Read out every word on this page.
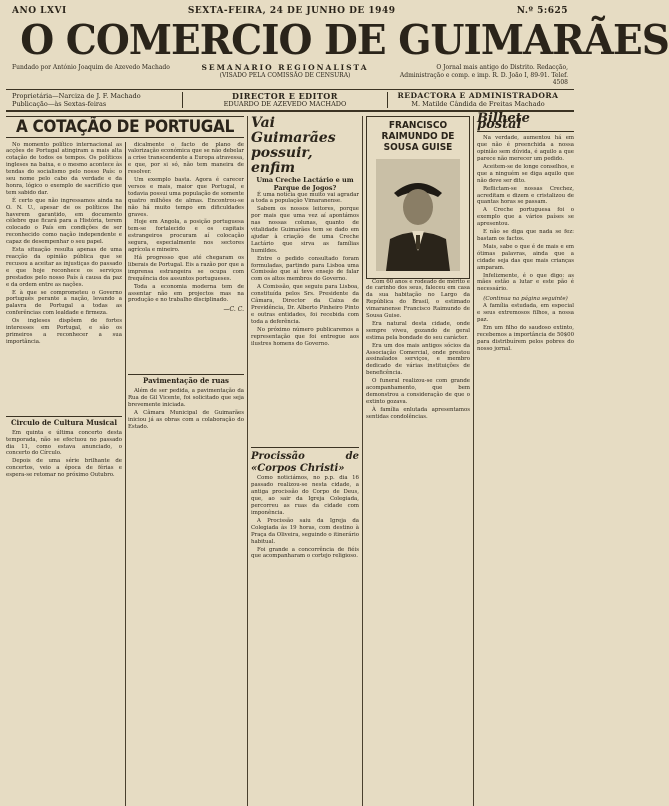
ANO LXVI	SEXTA-FEIRA, 24 DE JUNHO DE 1949	N.º 5:625
O COMERCIO DE GUIMARÃES
Fundado por António Joaquim de Azevedo Machado	SEMANARIO REGIONALISTA
(VISADO PELA COMISSÃO DE CENSURA)
O Jornal mais antigo do Distrito. Redacção, Administração e comp. e imp. R. D. João I, 89-91. Telef. 4508
Proprietária—Narciza de J. F. Machado
Publicação—às Sextas-feiras
DIRECTOR E EDITOR
EDUARDO DE AZEVEDO MACHADO
REDACTORA E ADMINISTRADORA
M. Matilde Cândida de Freitas Machado
A COTAÇÃO DE PORTUGAL

No momento político internacional as acções de Portugal atingiram a mais alta cotação de todos os tempos. Os políticos ingleses na baixa, e o mesmo acontece às tendas do socialismo pelo nosso País: o seu nome pelo cabo da verdade e da honra, lógico o exemplo de sacrifício que tem sabido dar.

É certo que não ingressamos ainda na O. N. U., apesar de os políticos lhe haverem garantido, em documento célebre que ficará para a História, terem colocado o País em condições de ser reconhecido como nação independente e capaz de desempenhar o seu papel.

Esta situação resulta apenas de uma reacção da opinião pública que se recusou a aceitar as injustiças do passado e que hoje reconhece os serviços prestados pelo nosso País à causa da paz e da ordem entre as nações.

E à que se comprometeu o Governo português perante a nação, levando a palavra de Portugal a todas as conferências com lealdade e firmeza.

Os ingleses dispõem de fortes interesses em Portugal, e são os primeiros a reconhecer a sua importância.

Circulo de Cultura Musical

Em quinta e última concerto desta temporada, não se efectuou no passado dia 11, como estava anunciado, o concerto do Círculo.

Depois de uma série brilhante de concertos, veio a época de férias e espera-se retomar no próximo Outubro.

dicalmente o facto de plano de valorização económica que se não debelar a crise transcendente a Europa atravessa, e que, por si só, não tem maneira de resolver.

Um exemplo basta. Agora é carecer versos e mais, maior que Portugal, e todavia possui uma população de somente quatro milhões de almas. Encontrou-se não há muito tempo em dificuldades graves.

Hoje em Angola, a posição portuguesa tem-se fortalecido e os capitais estrangeiros procuram aí colocação segura, especialmente nos sectores agrícola e mineiro.

Há progresso que até chegaram os liberais de Portugal. Eis a razão por que a imprensa estrangeira se ocupa com frequência dos assuntos portugueses.

Toda a economia moderna tem de assentar não em projectos mas na produção e no trabalho disciplinado.

—C. C.
Pavimentação de ruas

Além de ser pedida, a pavimentação da Rua de Gil Vicente, foi solicitado que seja brevemente iniciada.

A Câmara Municipal de Guimarães iniciou já as obras com a colaboração do Estado.

Vai Guimarães possuir, enfim
Uma Creche Lactário e um Parque de Jogos?

É uma notícia que muito vai agradar a toda a população Vimaranense.

Sabem os nossos leitores, porque por mais que uma vez aí apontámos nas nossas colunas, quanto de vitalidade Guimarães tem se dado em ajudar à criação de uma Creche Lactário que sirva as famílias humildes.

Entre o pedido consultado foram formuladas, partindo para Lisboa uma Comissão que aí teve ensejo de falar com os altos membros do Governo.

A Comissão, que seguiu para Lisboa, constituída pelos Srs. Presidente da Câmara, Director da Caixa de Previdência, Dr. Alberto Pinheiro Pinto e outras entidades, foi recebida com toda a deferência.

No próximo número publicaremos a representação que foi entregue aos ilustres homens do Governo.

Procissão de «Corpos Christi»

Como noticiámos, no p.p. dia 16 passado realizou-se nesta cidade, a antiga procissão do Corpo de Deus, que, ao sair da Igreja Colegiada, percorreu as ruas da cidade com imponência.

A Procissão saiu da Igreja da Colegiada às 19 horas, com destino à Praça da Oliveira, seguindo o itinerário habitual.

Foi grande a concorrência de fiéis que acompanharam o cortejo religioso.

FRANCISCO RAIMUNDO DE SOUSA GUISE

Com 60 anos e rodeado de mérito e de carinho dos seus, faleceu em casa da sua habitação no Largo da República do Brasil, o estimado vimaranense Francisco Raimundo de Sousa Guise.

Era natural desta cidade, onde sempre viveu, gozando de geral estima pela bondade do seu carácter.

Era um dos mais antigos sócios da Associação Comercial, onde prestou assinalados serviços, e membro dedicado de várias instituições de beneficência.

O funeral realizou-se com grande acompanhamento, que bem demonstrou a consideração de que o extinto gozava.

À família enlutada apresentamos sentidas condolências.

Bilhete postal

Na verdade, aumentou há em que não é preenchida a nossa opinião sem dúvida, é aquilo a que parece não merecer um pedido.

Aceitem-se de longe conselhos, e que a ninguém se diga aquilo que não deve ser dito.

Reflictam-se nossas Crechez, acreditam e dizem e cristalizou de quantas horas se passam.

A Creche portuguesa foi o exemplo que a vários países se apresentou.

E não se diga que nada se fez: bastam os factos.

Mais, sabe o que é de mais e em ótimas palavras, ainda que a cidade seja das que mais crianças amparam.

Infelizmente, é o que digo: as mães estão a lutar e este pão é necessário.

(Continua na página seguinte)

A família estudada, em especial e seus extremosos filhos, a nossa paz.

Em um filho do saudoso extinto, recebemos a importância de 50$00 para distribuírem pelos pobres do nosso jornal.
